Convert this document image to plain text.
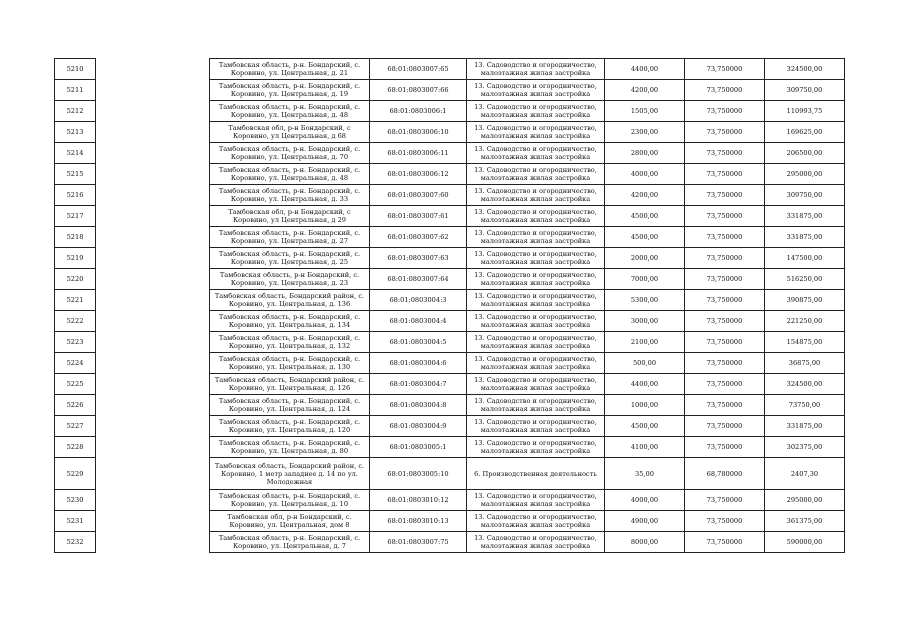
5210		Тамбовская область, р-н. Бондарский, с. Коровино, ул. Центральная, д. 21	68:01:0803007:65	13. Садоводство и огородничество, малоэтажная жилая застройка	4400,00	73,750000	324500,00
5211		Тамбовская область, р-н. Бондарский, с. Коровино, ул. Центральная, д. 19	68:01:0803007:66	13. Садоводство и огородничество, малоэтажная жилая застройка	4200,00	73,750000	309750,00
5212		Тамбовская область, р-н. Бондарский, с. Коровино, ул. Центральная, д. 48	68:01:0803006:1	13. Садоводство и огородничество, малоэтажная жилая застройка	1505,00	73,750000	110993,75
5213		Тамбовская обл, р-н Бондарский, с Коровино, ул Центральная, д 68	68:01:0803006:10	13. Садоводство и огородничество, малоэтажная жилая застройка	2300,00	73,750000	169625,00
5214		Тамбовская область, р-н. Бондарский, с. Коровино, ул. Центральная, д. 70	68:01:0803006:11	13. Садоводство и огородничество, малоэтажная жилая застройка	2800,00	73,750000	206500,00
5215		Тамбовская область, р-н. Бондарский, с. Коровино, ул. Центральная, д. 48	68:01:0803006:12	13. Садоводство и огородничество, малоэтажная жилая застройка	4000,00	73,750000	295000,00
5216		Тамбовская область, р-н. Бондарский, с. Коровино, ул. Центральная, д. 33	68:01:0803007:60	13. Садоводство и огородничество, малоэтажная жилая застройка	4200,00	73,750000	309750,00
5217		Тамбовская обл, р-н Бондарский, с Коровино, ул Центральная, д 29	68:01:0803007:61	13. Садоводство и огородничество, малоэтажная жилая застройка	4500,00	73,750000	331875,00
5218		Тамбовская область, р-н. Бондарский, с. Коровино, ул. Центральная, д. 27	68:01:0803007:62	13. Садоводство и огородничество, малоэтажная жилая застройка	4500,00	73,750000	331875,00
5219		Тамбовская область, р-н. Бондарский, с. Коровино, ул. Центральная, д. 25	68:01:0803007:63	13. Садоводство и огородничество, малоэтажная жилая застройка	2000,00	73,750000	147500,00
5220		Тамбовская область, р-н Бондарский, с. Коровино, ул. Центральная, д. 23	68:01:0803007:64	13. Садоводство и огородничество, малоэтажная жилая застройка	7000,00	73,750000	516250,00
5221		Тамбовская область, Бондарский район, с. Коровино, ул. Центральная, д. 136	68:01:0803004:3	13. Садоводство и огородничество, малоэтажная жилая застройка	5300,00	73,750000	390875,00
5222		Тамбовская область, р-н. Бондарский, с. Коровино, ул. Центральная, д. 134	68:01:0803004:4	13. Садоводство и огородничество, малоэтажная жилая застройка	3000,00	73,750000	221250,00
5223		Тамбовская область, р-н. Бондарский, с. Коровино, ул. Центральная, д. 132	68:01:0803004:5	13. Садоводство и огородничество, малоэтажная жилая застройка	2100,00	73,750000	154875,00
5224		Тамбовская область, р-н. Бондарский, с. Коровино, ул. Центральная, д. 130	68:01:0803004:6	13. Садоводство и огородничество, малоэтажная жилая застройка	500,00	73,750000	36875,00
5225		Тамбовская область, Бондарский район, с. Коровино, ул. Центральная, д. 126	68:01:0803004:7	13. Садоводство и огородничество, малоэтажная жилая застройка	4400,00	73,750000	324500,00
5226		Тамбовская область, р-н. Бондарский, с. Коровино, ул. Центральная, д. 124	68:01:0803004:8	13. Садоводство и огородничество, малоэтажная жилая застройка	1000,00	73,750000	73750,00
5227		Тамбовская область, р-н. Бондарский, с. Коровино, ул. Центральная, д. 120	68:01:0803004:9	13. Садоводство и огородничество, малоэтажная жилая застройка	4500,00	73,750000	331875,00
5228		Тамбовская область, р-н. Бондарский, с. Коровино, ул. Центральная, д. 80	68:01:0803005:1	13. Садоводство и огородничество, малоэтажная жилая застройка	4100,00	73,750000	302375,00
5229		Тамбовская область, Бондарский район, с. Коровино, 1 метр западнее д. 14 по ул. Молодежная	68:01:0803005:10	6. Производственная деятельность	35,00	68,780000	2407,30
5230		Тамбовская область, р-н. Бондарский, с. Коровино, ул. Центральная, д. 10	68:01:0803010:12	13. Садоводство и огородничество, малоэтажная жилая застройка	4000,00	73,750000	295000,00
5231		Тамбовская обл, р-н Бондарский, с. Коровино, ул. Центральная, дом 8	68:01:0803010:13	13. Садоводство и огородничество, малоэтажная жилая застройка	4900,00	73,750000	361375,00
5232		Тамбовская область, р-н. Бондарский, с. Коровино, ул. Центральная, д. 7	68:01:0803007:75	13. Садоводство и огородничество, малоэтажная жилая застройка	8000,00	73,750000	590000,00
